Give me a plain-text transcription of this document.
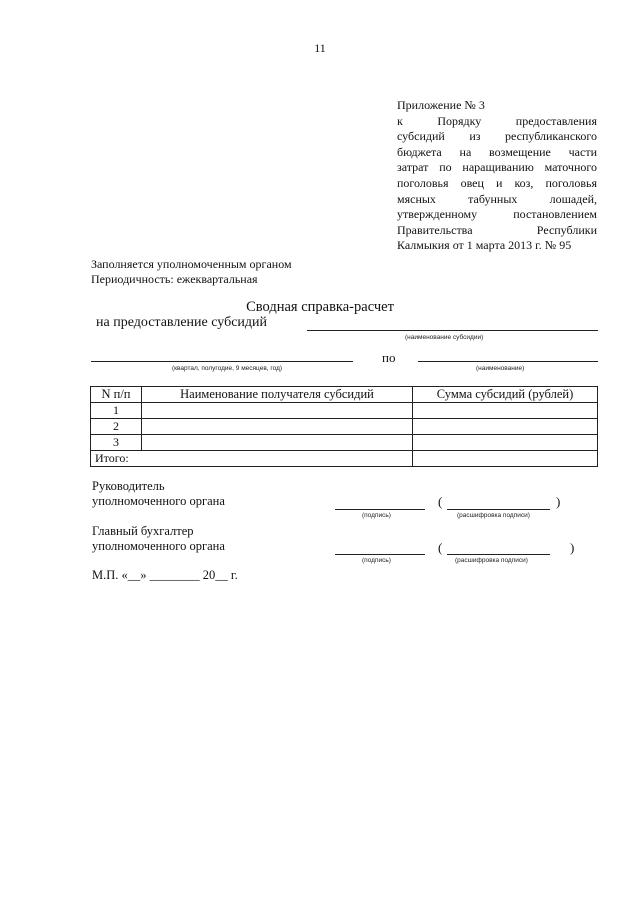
11
Приложение № 3
к Порядку предоставления
субсидий из республиканского
бюджета на возмещение части
затрат по наращиванию маточного
поголовья овец и коз, поголовья
мясных табунных лошадей,
утвержденному постановлением
Правительства Республики
Калмыкия от 1 марта 2013 г. № 95
Заполняется уполномоченным органом
Периодичность: ежеквартальная
Сводная справка-расчет
на предоставление субсидий
(наименование субсидии)
(квартал, полугодие, 9 месяцев, год)
по
(наименование)
N п/п	Наименование получателя субсидий	Сумма субсидий (рублей)
1		
2		
3		
Итого:		
Руководитель
уполномоченного органа
(подпись)
(	)
(расшифровка подписи)
Главный бухгалтер
уполномоченного органа
(подпись)
(	)
(расшифровка подписи)
М.П. «__» ________ 20__ г.
